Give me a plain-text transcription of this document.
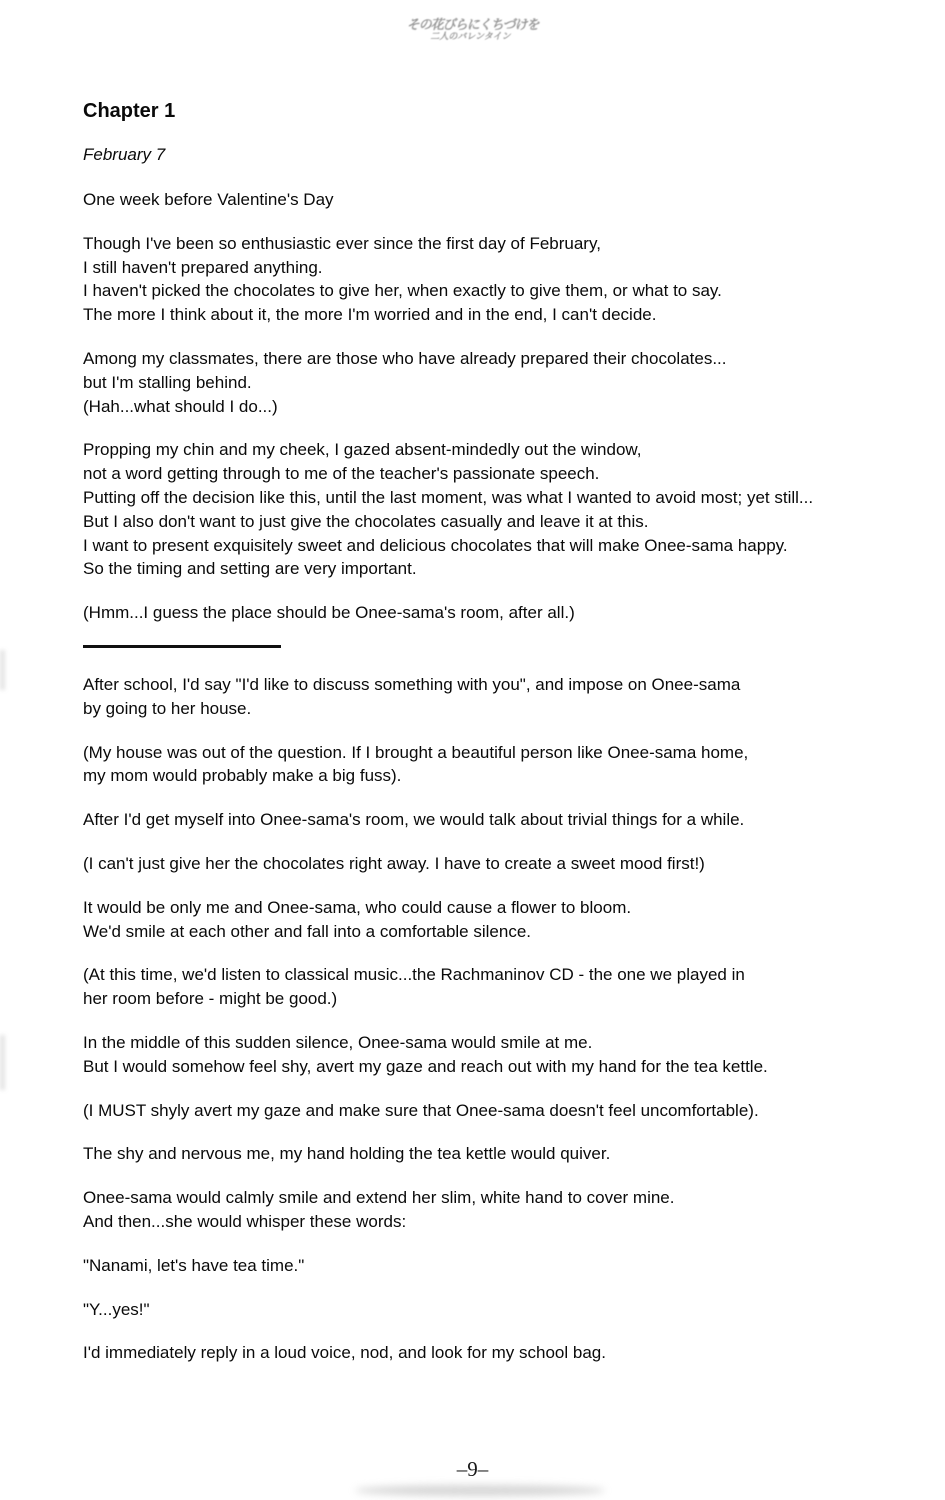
その花びらにくちづけを
二人のバレンタイン
Chapter 1
February 7

One week before Valentine's Day

Though I've been so enthusiastic ever since the first day of February,
I still haven't prepared anything.
I haven't picked the chocolates to give her, when exactly to give them, or what to say.
The more I think about it, the more I'm worried and in the end, I can't decide.

Among my classmates, there are those who have already prepared their chocolates...
but I'm stalling behind.
(Hah...what should I do...)

Propping my chin and my cheek, I gazed absent-mindedly out the window,
not a word getting through to me of the teacher's passionate speech.
Putting off the decision like this, until the last moment, was what I wanted to avoid most; yet still...
But I also don't want to just give the chocolates casually and leave it at this.
I want to present exquisitely sweet and delicious chocolates that will make Onee-sama happy.
So the timing and setting are very important.

(Hmm...I guess the place should be Onee-sama's room, after all.)

After school, I'd say "I'd like to discuss something with you", and impose on Onee-sama
by going to her house.

(My house was out of the question. If I brought a beautiful person like Onee-sama home,
my mom would probably make a big fuss).

After I'd get myself into Onee-sama's room, we would talk about trivial things for a while.

(I can't just give her the chocolates right away. I have to create a sweet mood first!)

It would be only me and Onee-sama, who could cause a flower to bloom.
We'd smile at each other and fall into a comfortable silence.

(At this time, we'd listen to classical music...the Rachmaninov CD - the one we played in
her room before - might be good.)

In the middle of this sudden silence, Onee-sama would smile at me.
But I would somehow feel shy, avert my gaze and reach out with my hand for the tea kettle.

(I MUST shyly avert my gaze and make sure that Onee-sama doesn't feel uncomfortable).

The shy and nervous me, my hand holding the tea kettle would quiver.

Onee-sama would calmly smile and extend her slim, white hand to cover mine.
And then...she would whisper these words:

"Nanami, let's have tea time."

"Y...yes!"

I'd immediately reply in a loud voice, nod, and look for my school bag.

–9–
